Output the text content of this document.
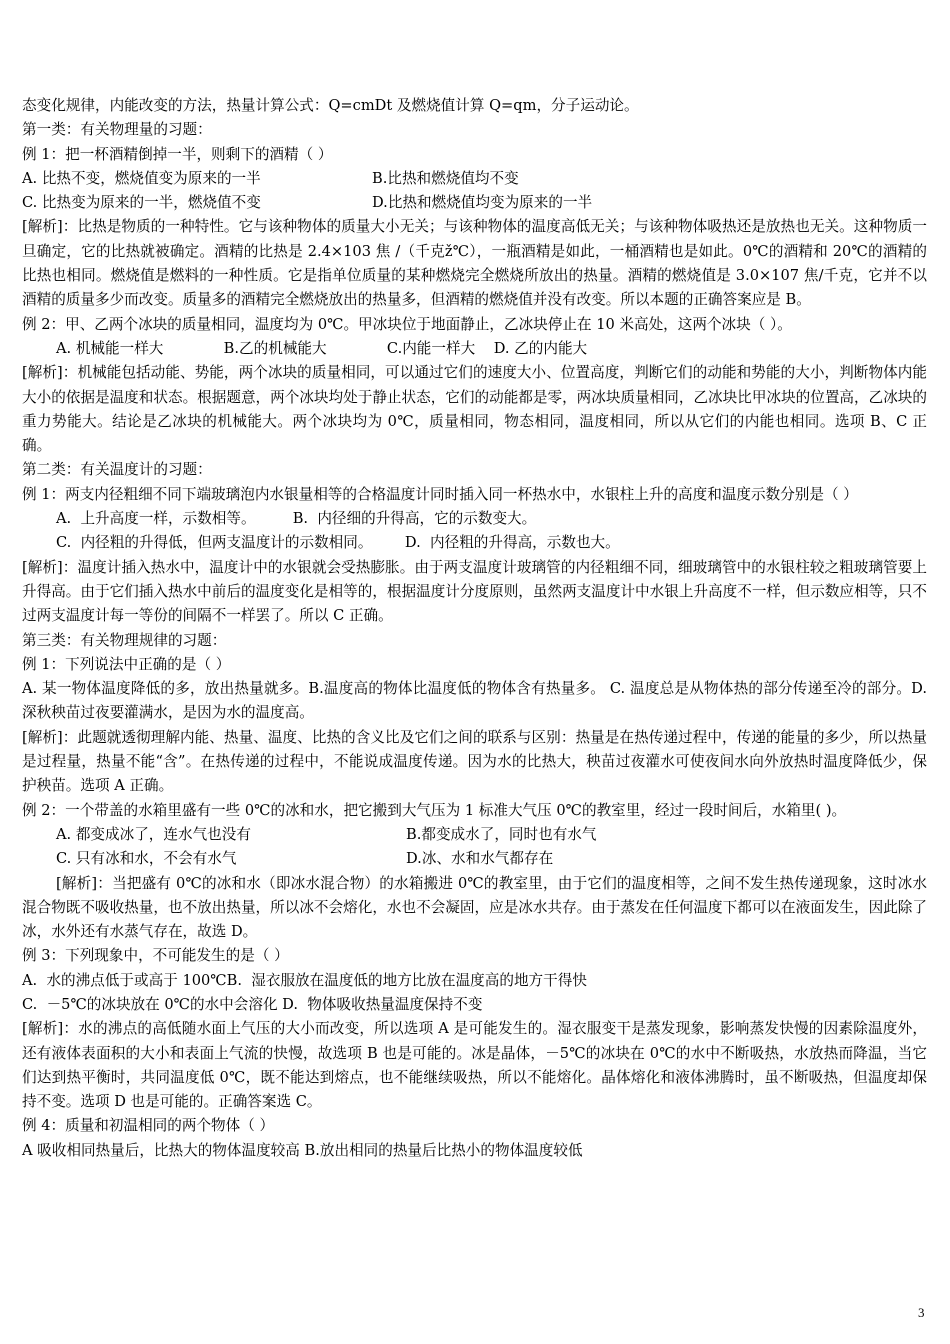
态变化规律，内能改变的方法，热量计算公式：Q=cmDt 及燃烧值计算 Q=qm，分子运动论。

第一类：有关物理量的习题：

例 1：把一杯酒精倒掉一半，则剩下的酒精（ ）

A. 比热不变，燃烧值变为原来的一半	B.比热和燃烧值均不变
C. 比热变为原来的一半，燃烧值不变	D.比热和燃烧值均变为原来的一半

[解析]：比热是物质的一种特性。它与该种物体的质量大小无关；与该种物体的温度高低无关；与该种物体吸热还是放热也无关。这种物质一旦确定，它的比热就被确定。酒精的比热是 2.4×103 焦 /（千克ž℃），一瓶酒精是如此，一桶酒精也是如此。0℃的酒精和 20℃的酒精的比热也相同。燃烧值是燃料的一种性质。它是指单位质量的某种燃烧完全燃烧所放出的热量。酒精的燃烧值是 3.0×107 焦/千克，它并不以酒精的质量多少而改变。质量多的酒精完全燃烧放出的热量多，但酒精的燃烧值并没有改变。所以本题的正确答案应是 B。

例 2：甲、乙两个冰块的质量相同，温度均为 0℃。甲冰块位于地面静止，乙冰块停止在 10 米高处，这两个冰块（ ）。

A. 机械能一样大             B.乙的机械能大             C.内能一样大    D. 乙的内能大

[解析]：机械能包括动能、势能，两个冰块的质量相同，可以通过它们的速度大小、位置高度，判断它们的动能和势能的大小，判断物体内能大小的依据是温度和状态。根据题意，两个冰块均处于静止状态，它们的动能都是零，两冰块质量相同，乙冰块比甲冰块的位置高，乙冰块的重力势能大。结论是乙冰块的机械能大。两个冰块均为 0℃，质量相同，物态相同，温度相同，所以从它们的内能也相同。选项 B、C 正确。

第二类：有关温度计的习题：

例 1：两支内径粗细不同下端玻璃泡内水银量相等的合格温度计同时插入同一杯热水中，水银柱上升的高度和温度示数分别是（ ）

A.  上升高度一样，示数相等。        B.  内径细的升得高，它的示数变大。

C.  内径粗的升得低，但两支温度计的示数相同。       D.  内径粗的升得高，示数也大。

[解析]：温度计插入热水中，温度计中的水银就会受热膨胀。由于两支温度计玻璃管的内径粗细不同，细玻璃管中的水银柱较之粗玻璃管要上升得高。由于它们插入热水中前后的温度变化是相等的，根据温度计分度原则，虽然两支温度计中水银上升高度不一样，但示数应相等，只不过两支温度计每一等份的间隔不一样罢了。所以 C 正确。

第三类：有关物理规律的习题：

例 1：下列说法中正确的是（ ）

A. 某一物体温度降低的多，放出热量就多。B.温度高的物体比温度低的物体含有热量多。 C. 温度总是从物体热的部分传递至冷的部分。D.深秋秧苗过夜要灌满水，是因为水的温度高。

[解析]：此题就透彻理解内能、热量、温度、比热的含义比及它们之间的联系与区别：热量是在热传递过程中，传递的能量的多少，所以热量是过程量，热量不能“含”。在热传递的过程中，不能说成温度传递。因为水的比热大，秧苗过夜灌水可使夜间水向外放热时温度降低少，保护秧苗。选项 A 正确。

例 2：一个带盖的水箱里盛有一些 0℃的冰和水，把它搬到大气压为 1 标准大气压 0℃的教室里，经过一段时间后，水箱里( )。

A. 都变成冰了，连水气也没有	B.都变成水了，同时也有水气
C. 只有冰和水，不会有水气	D.冰、水和水气都存在

[解析]：当把盛有 0℃的冰和水（即冰水混合物）的水箱搬进 0℃的教室里，由于它们的温度相等，之间不发生热传递现象，这时冰水混合物既不吸收热量，也不放出热量，所以冰不会熔化，水也不会凝固，应是冰水共存。由于蒸发在任何温度下都可以在液面发生，因此除了冰，水外还有水蒸气存在，故选 D。

例 3：下列现象中，不可能发生的是（ ）

A.  水的沸点低于或高于 100℃B.  湿衣服放在温度低的地方比放在温度高的地方干得快

C.  －5℃的冰块放在 0℃的水中会溶化 D.  物体吸收热量温度保持不变

[解析]：水的沸点的高低随水面上气压的大小而改变，所以选项 A 是可能发生的。湿衣服变干是蒸发现象，影响蒸发快慢的因素除温度外，还有液体表面积的大小和表面上气流的快慢，故选项 B 也是可能的。冰是晶体，－5℃的冰块在 0℃的水中不断吸热，水放热而降温，当它们达到热平衡时，共同温度低 0℃，既不能达到熔点，也不能继续吸热，所以不能熔化。晶体熔化和液体沸腾时，虽不断吸热，但温度却保持不变。选项 D 也是可能的。正确答案选 C。

例 4：质量和初温相同的两个物体（ ）

A 吸收相同热量后，比热大的物体温度较高 B.放出相同的热量后比热小的物体温度较低

3
